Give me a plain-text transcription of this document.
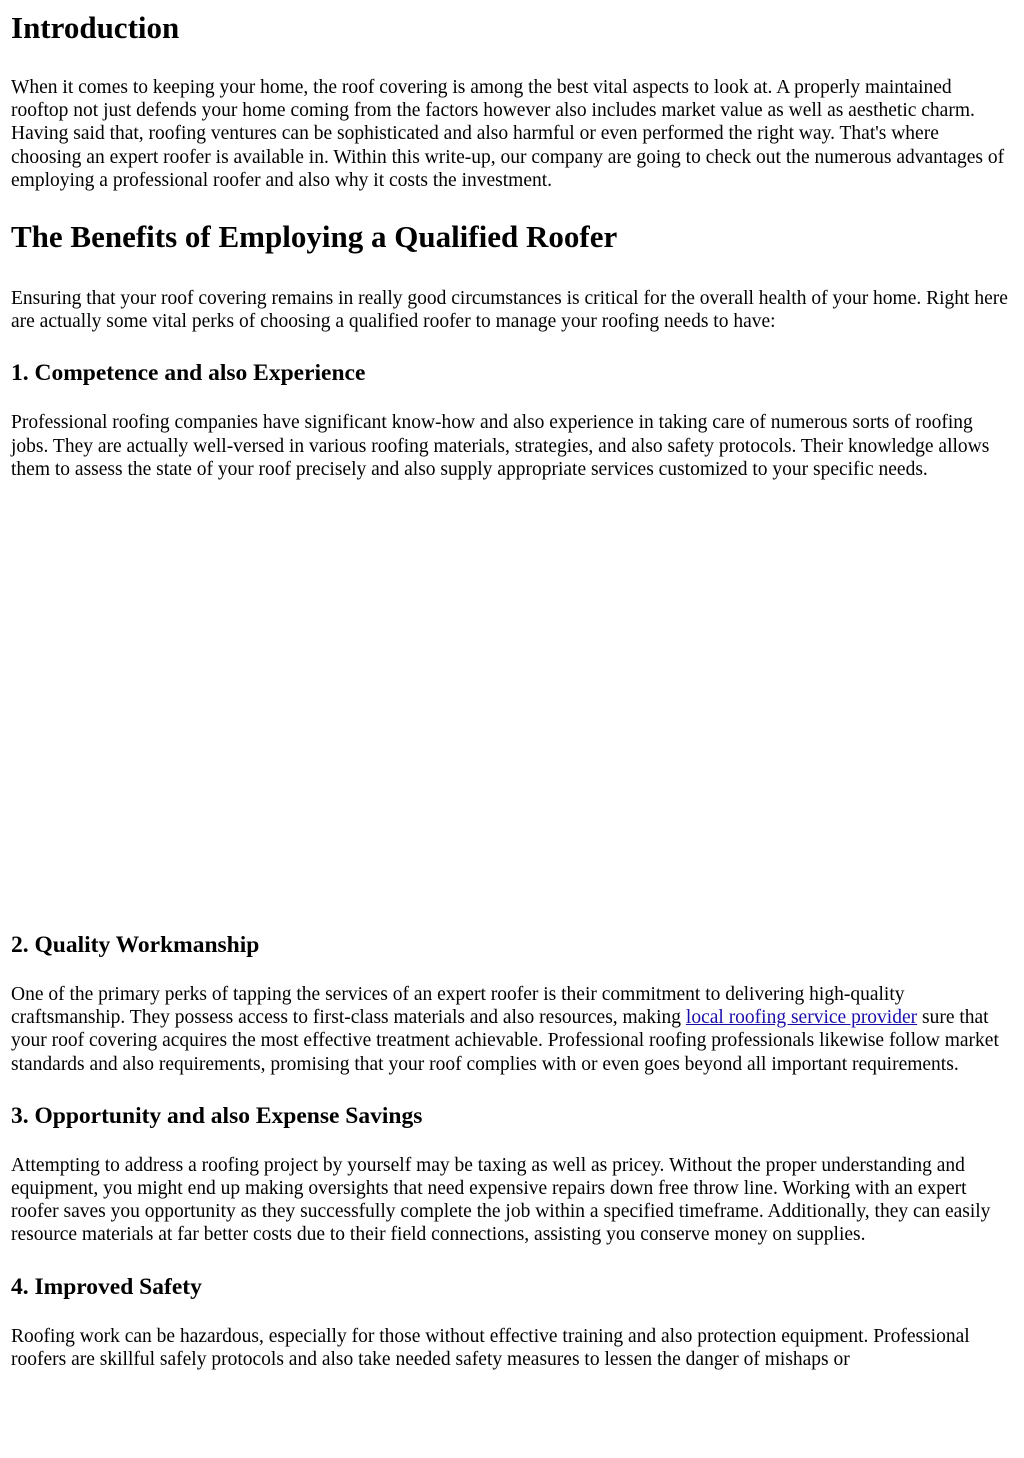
Introduction

When it comes to keeping your home, the roof covering is among the best vital aspects to look at. A properly maintained rooftop not just defends your home coming from the factors however also includes market value as well as aesthetic charm. Having said that, roofing ventures can be sophisticated and also harmful or even performed the right way. That's where choosing an expert roofer is available in. Within this write-up, our company are going to check out the numerous advantages of employing a professional roofer and also why it costs the investment.

The Benefits of Employing a Qualified Roofer

Ensuring that your roof covering remains in really good circumstances is critical for the overall health of your home. Right here are actually some vital perks of choosing a qualified roofer to manage your roofing needs to have:

1. Competence and also Experience

Professional roofing companies have significant know-how and also experience in taking care of numerous sorts of roofing jobs. They are actually well-versed in various roofing materials, strategies, and also safety protocols. Their knowledge allows them to assess the state of your roof precisely and also supply appropriate services customized to your specific needs.

2. Quality Workmanship

One of the primary perks of tapping the services of an expert roofer is their commitment to delivering high-quality craftsmanship. They possess access to first-class materials and also resources, making local roofing service provider sure that your roof covering acquires the most effective treatment achievable. Professional roofing professionals likewise follow market standards and also requirements, promising that your roof complies with or even goes beyond all important requirements.

3. Opportunity and also Expense Savings

Attempting to address a roofing project by yourself may be taxing as well as pricey. Without the proper understanding and equipment, you might end up making oversights that need expensive repairs down free throw line. Working with an expert roofer saves you opportunity as they successfully complete the job within a specified timeframe. Additionally, they can easily resource materials at far better costs due to their field connections, assisting you conserve money on supplies.

4. Improved Safety

Roofing work can be hazardous, especially for those without effective training and also protection equipment. Professional roofers are skillful safely protocols and also take needed safety measures to lessen the danger of mishaps or
